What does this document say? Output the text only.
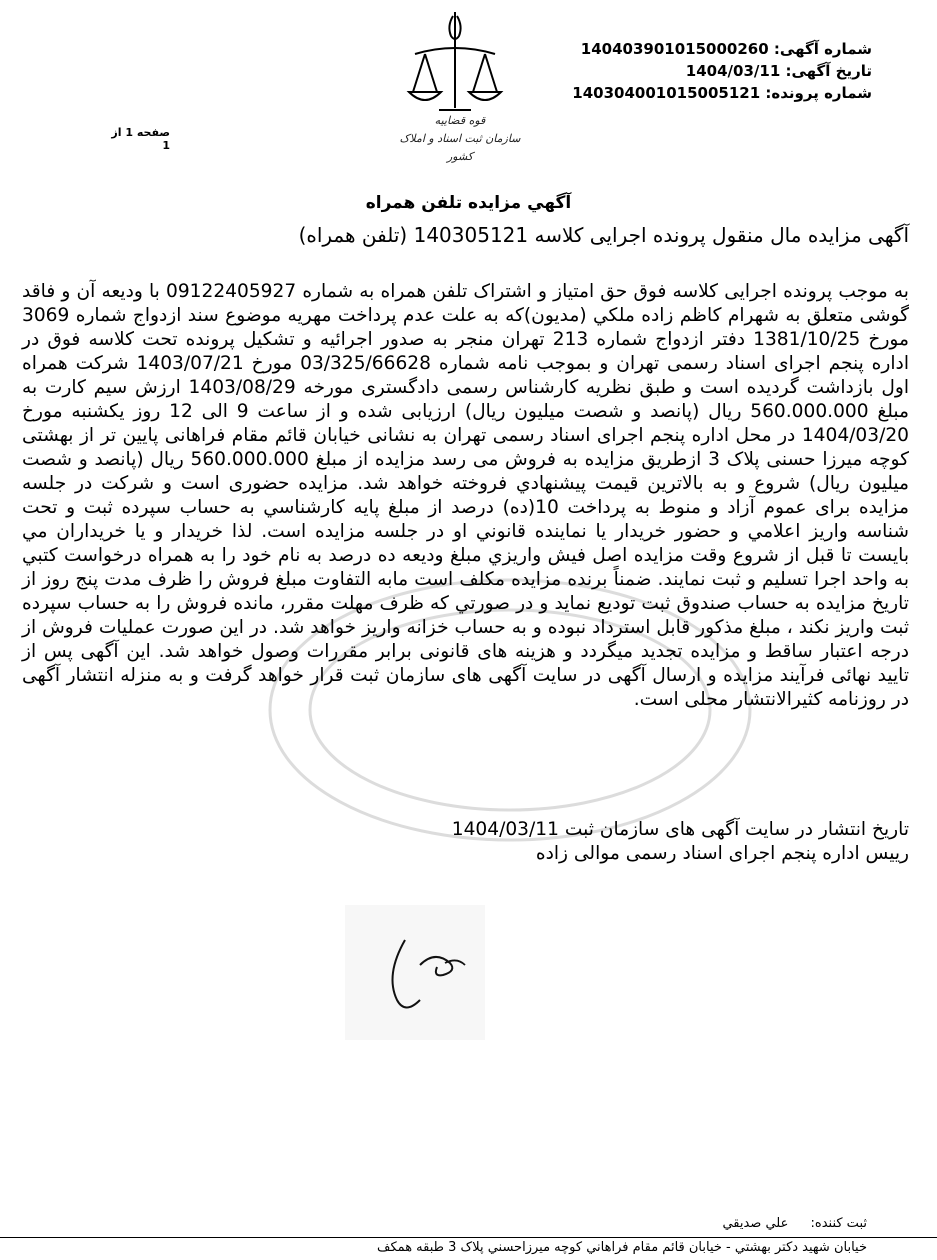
شماره آگهی: 140403901015000260
تاریخ آگهی: 1404/03/11
شماره پرونده: 140304001015005121
قوه قضاییه
سازمان ثبت اسناد و املاک کشور
صفحه 1 از 1
آگهي مزايده تلفن همراه
آگهی مزایده مال منقول پرونده اجرایی کلاسه 140305121 (تلفن همراه)

به موجب پرونده اجرایی کلاسه فوق حق امتیاز و اشتراک تلفن همراه به شماره 09122405927 با ودیعه آن و فاقد گوشی متعلق به شهرام کاظم زاده ملکي (مديون)که به علت عدم پرداخت مهریه موضوع سند ازدواج شماره 3069 مورخ 1381/10/25 دفتر ازدواج شماره 213 تهران منجر به صدور اجرائیه و تشکیل پرونده تحت کلاسه فوق در اداره پنجم اجرای اسناد رسمی تهران و بموجب نامه شماره 03/325/66628 مورخ 1403/07/21 شرکت همراه اول بازداشت گردیده است و طبق نظریه کارشناس رسمی دادگستری مورخه 1403/08/29 ارزش سیم کارت به مبلغ 560.000.000 ریال (پانصد و شصت میلیون ریال) ارزیابی شده و از ساعت 9 الی 12 روز یکشنبه مورخ 1404/03/20 در محل اداره پنجم اجرای اسناد رسمی تهران به نشانی خیابان قائم مقام فراهانی پایین تر از بهشتی کوچه میرزا حسنی پلاک 3 ازطریق مزایده به فروش می رسد مزایده از مبلغ 560.000.000 ریال (پانصد و شصت میلیون ریال) شروع و به بالاترين قيمت پيشنهادي فروخته خواهد شد. مزایده حضوری است و شرکت در جلسه مزایده برای عموم آزاد و منوط به پرداخت 10(ده) درصد از مبلغ پايه کارشناسي به حساب سپرده ثبت و تحت شناسه واريز اعلامي و حضور خريدار يا نماينده قانوني او در جلسه مزايده است. لذا خريدار و يا خريداران مي بايست تا قبل از شروع وقت مزايده اصل فيش واريزي مبلغ وديعه ده درصد به نام خود را به همراه درخواست کتبي به واحد اجرا تسليم و ثبت نمايند. ضمناً برنده مزايده مکلف است مابه التفاوت مبلغ فروش را ظرف مدت پنج روز از تاريخ مزايده به حساب صندوق ثبت توديع نمايد و در صورتي که ظرف مهلت مقرر، مانده فروش را به حساب سپرده ثبت واريز نکند ، مبلغ مذکور قابل استرداد نبوده و به حساب خزانه واريز خواهد شد. در اين صورت عمليات فروش از درجه اعتبار ساقط و مزايده تجديد ميگردد و هزينه های قانونی برابر مقررات وصول خواهد شد. این آگهی پس از تایید نهائی فرآیند مزایده و ارسال آگهی در سایت آگهی های سازمان ثبت قرار خواهد گرفت و به منزله انتشار آگهی در روزنامه کثیرالانتشار محلی است.

تاریخ انتشار در سایت آگهی های سازمان ثبت 1404/03/11
رییس اداره پنجم اجرای اسناد رسمی موالی زاده
ثبت کننده: علي صديقي
خيابان شهيد دکتر بهشتي - خيابان قائم مقام فراهاني کوچه ميرزاحسني پلاک 3 طبقه همکف
